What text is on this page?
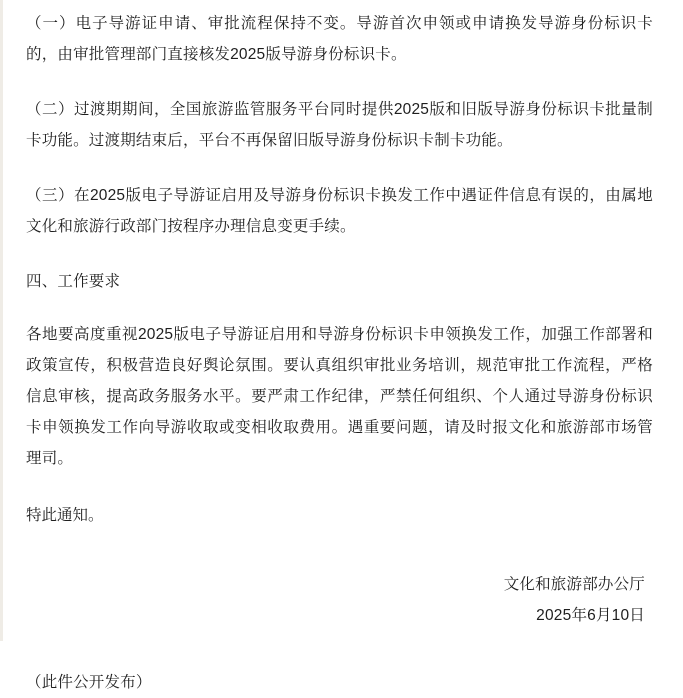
（一）电子导游证申请、审批流程保持不变。导游首次申领或申请换发导游身份标识卡的，由审批管理部门直接核发2025版导游身份标识卡。

（二）过渡期期间，全国旅游监管服务平台同时提供2025版和旧版导游身份标识卡批量制卡功能。过渡期结束后，平台不再保留旧版导游身份标识卡制卡功能。

（三）在2025版电子导游证启用及导游身份标识卡换发工作中遇证件信息有误的，由属地文化和旅游行政部门按程序办理信息变更手续。

四、工作要求

各地要高度重视2025版电子导游证启用和导游身份标识卡申领换发工作，加强工作部署和政策宣传，积极营造良好舆论氛围。要认真组织审批业务培训，规范审批工作流程，严格信息审核，提高政务服务水平。要严肃工作纪律，严禁任何组织、个人通过导游身份标识卡申领换发工作向导游收取或变相收取费用。遇重要问题，请及时报文化和旅游部市场管理司。

特此通知。

文化和旅游部办公厅
2025年6月10日
（此件公开发布）
